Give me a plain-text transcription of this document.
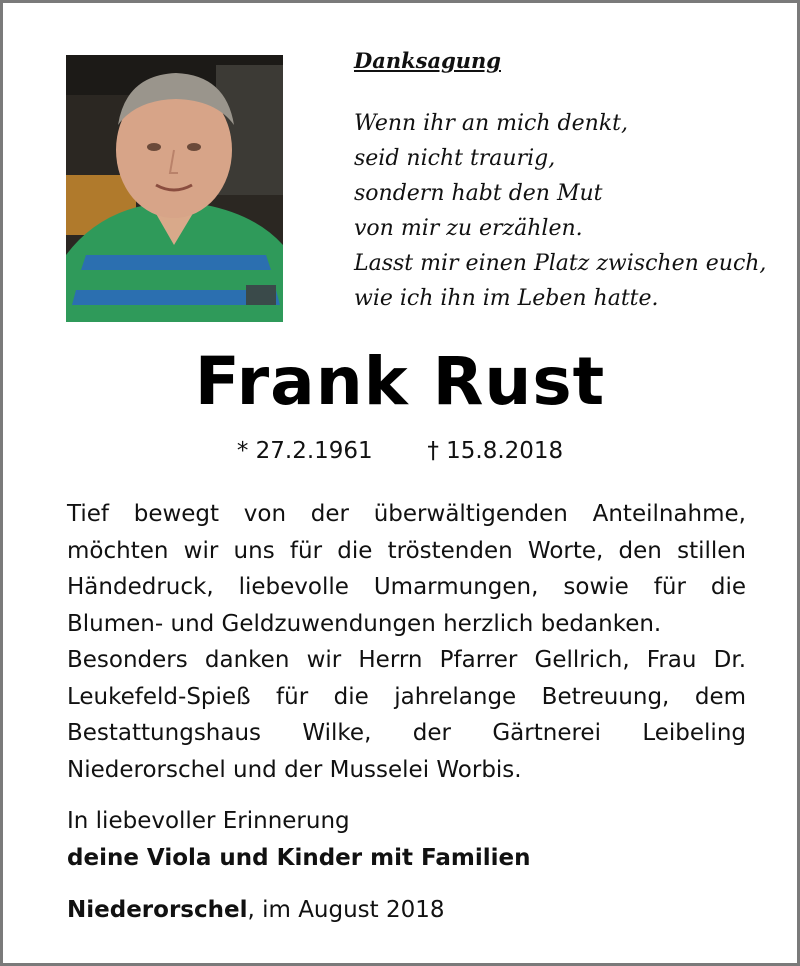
Danksagung
Wenn ihr an mich denkt,
seid nicht traurig,
sondern habt den Mut
von mir zu erzählen.
Lasst mir einen Platz zwischen euch,
wie ich ihn im Leben hatte.
Frank Rust
* 27.2.1961 † 15.8.2018

Tief bewegt von der überwältigenden Anteilnahme, möchten wir uns für die tröstenden Worte, den stillen Händedruck, liebevolle Umarmungen, sowie für die Blumen- und Geldzuwendungen herzlich bedanken.

Besonders danken wir Herrn Pfarrer Gellrich, Frau Dr. Leukefeld-Spieß für die jahrelange Betreuung, dem Bestattungshaus Wilke, der Gärtnerei Leibeling Niederorschel und der Musselei Worbis.

In liebevoller Erinnerung
deine Viola und Kinder mit Familien
Niederorschel, im August 2018
